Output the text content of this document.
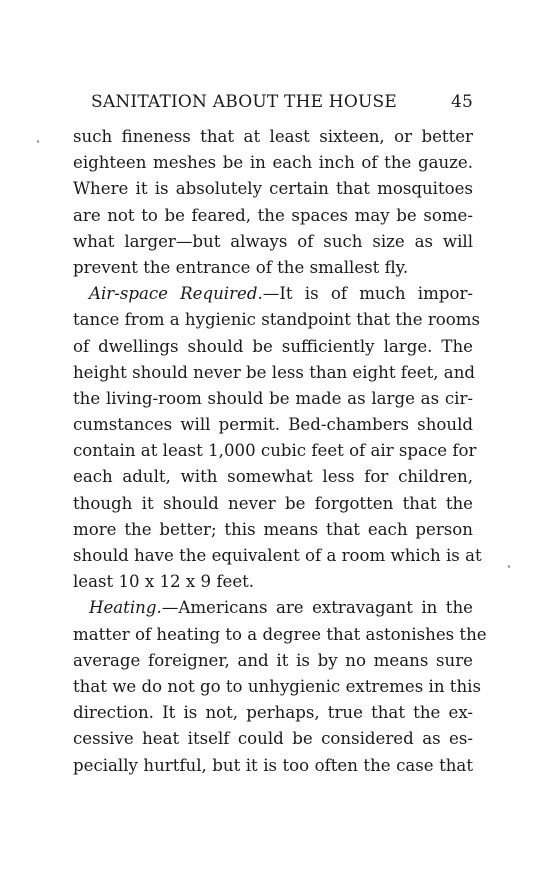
SANITATION ABOUT THE HOUSE	45
such fineness that at least sixteen, or better
eighteen meshes be in each inch of the gauze.
Where it is absolutely certain that mosquitoes
are not to be feared, the spaces may be some-
what larger—but always of such size as will
prevent the entrance of the smallest fly.
Air-space Required.—It is of much impor-
tance from a hygienic standpoint that the rooms
of dwellings should be sufficiently large. The
height should never be less than eight feet, and
the living-room should be made as large as cir-
cumstances will permit. Bed-chambers should
contain at least 1,000 cubic feet of air space for
each adult, with somewhat less for children,
though it should never be forgotten that the
more the better; this means that each person
should have the equivalent of a room which is at
least 10 x 12 x 9 feet.
Heating.—Americans are extravagant in the
matter of heating to a degree that astonishes the
average foreigner, and it is by no means sure
that we do not go to unhygienic extremes in this
direction. It is not, perhaps, true that the ex-
cessive heat itself could be considered as es-
pecially hurtful, but it is too often the case that
